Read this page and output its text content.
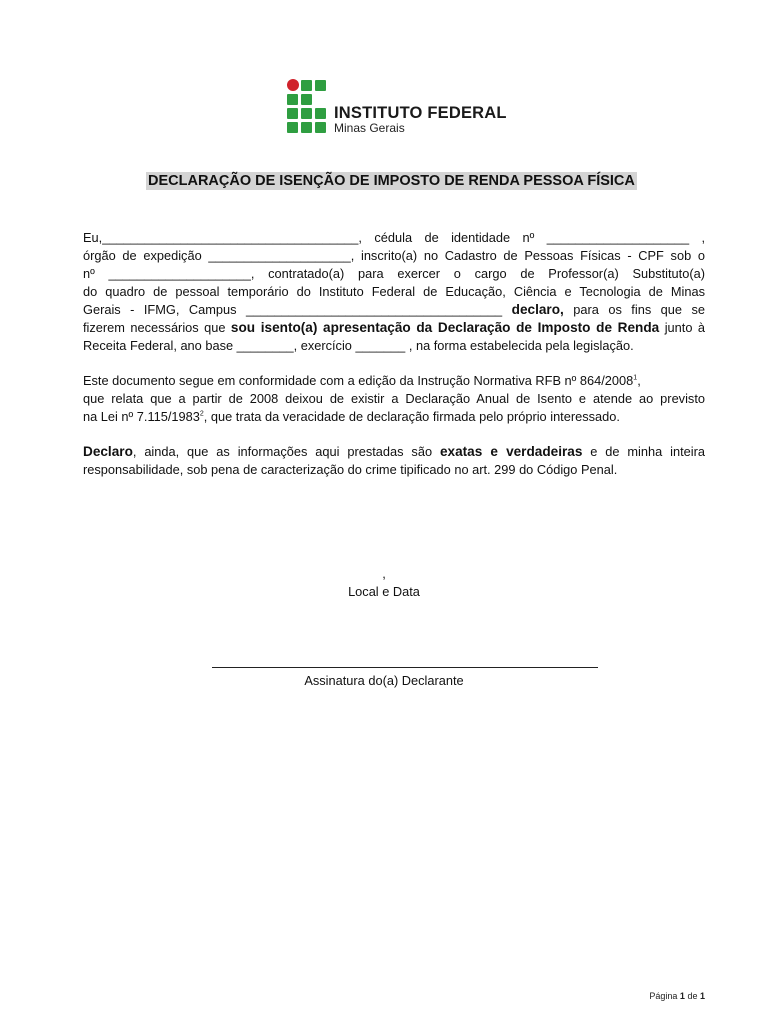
INSTITUTO FEDERAL
Minas Gerais
DECLARAÇÃO DE ISENÇÃO DE IMPOSTO DE RENDA PESSOA FÍSICA
Eu,____________________________________, cédula de identidade nº ____________________ ,
órgão de expedição ____________________, inscrito(a) no Cadastro de Pessoas Físicas - CPF sob o
nº ____________________, contratado(a) para exercer o cargo de Professor(a) Substituto(a)
do quadro de pessoal temporário do Instituto Federal de Educação, Ciência e Tecnologia de Minas
Gerais - IFMG, Campus ____________________________________ declaro, para os fins que se
fizerem necessários que sou isento(a) apresentação da Declaração de Imposto de Renda junto à
Receita Federal, ano base ________, exercício _______ , na forma estabelecida pela legislação.
Este documento segue em conformidade com a edição da Instrução Normativa RFB nº 864/2008$^1$,
que relata que a partir de 2008 deixou de existir a Declaração Anual de Isento e atende ao previsto
na Lei nº 7.115/1983$^2$, que trata da veracidade de declaração firmada pelo próprio interessado.
Declaro, ainda, que as informações aqui prestadas são exatas e verdadeiras e de minha inteira
responsabilidade, sob pena de caracterização do crime tipificado no art. 299 do Código Penal.
,
Local e Data
Assinatura do(a) Declarante
Página 1 de 1
